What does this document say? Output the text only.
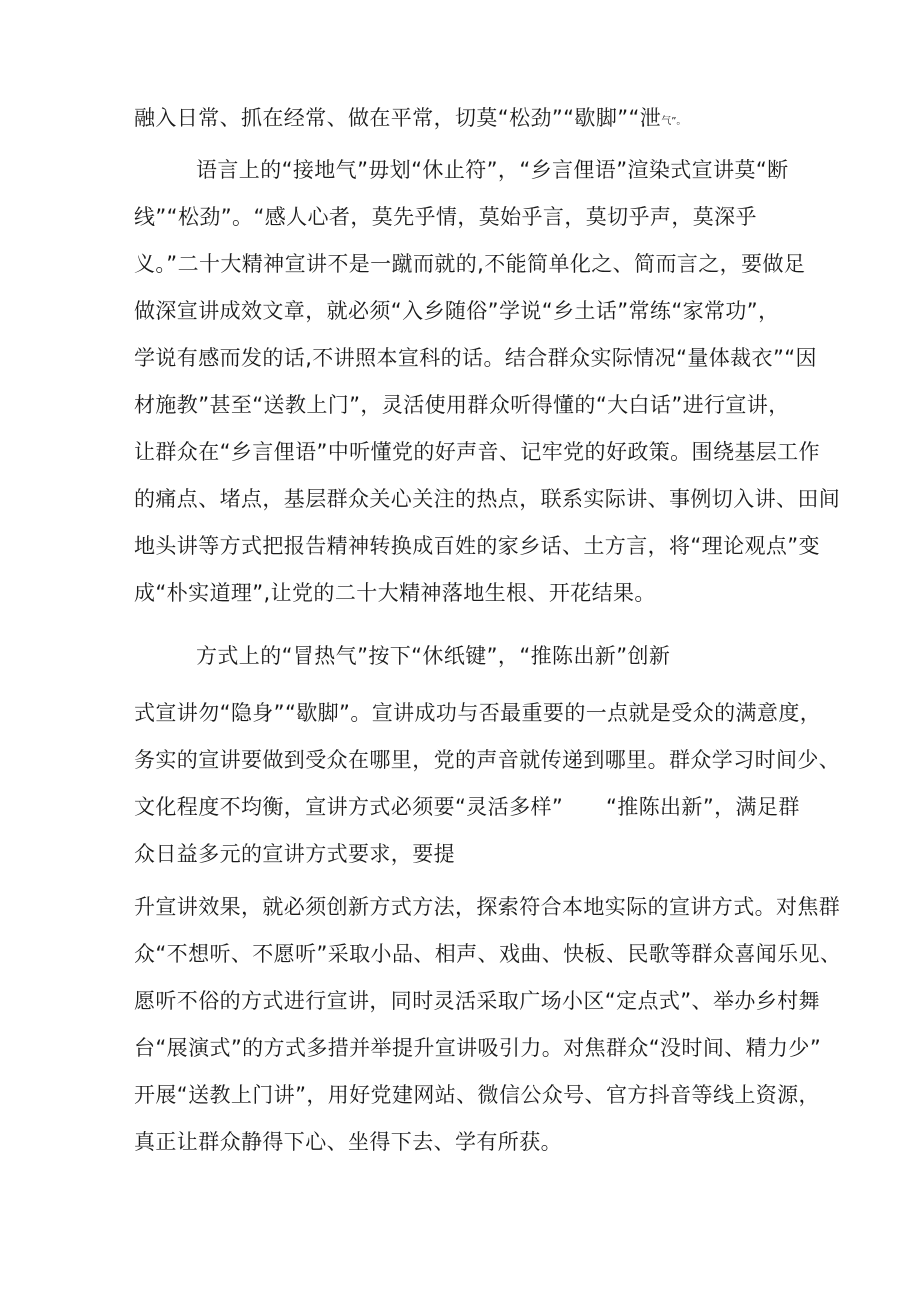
融入日常、抓在经常、做在平常，切莫“松劲”“歇脚”“泄气”。
语言上的“接地气”毋划“休止符”，“乡言俚语”渲染式宣讲莫“断
线”“松劲”。“感人心者，莫先乎情，莫始乎言，莫切乎声，莫深乎
义。”二十大精神宣讲不是一蹴而就的,不能简单化之、简而言之，要做足
做深宣讲成效文章，就必须“入乡随俗”学说“乡土话”常练“家常功”，
学说有感而发的话,不讲照本宣科的话。结合群众实际情况“量体裁衣”“因
材施教”甚至“送教上门”，灵活使用群众听得懂的“大白话”进行宣讲，
让群众在“乡言俚语”中听懂党的好声音、记牢党的好政策。围绕基层工作
的痛点、堵点，基层群众关心关注的热点，联系实际讲、事例切入讲、田间
地头讲等方式把报告精神转换成百姓的家乡话、土方言，将“理论观点”变
成“朴实道理”,让党的二十大精神落地生根、开花结果。
方式上的“冒热气”按下“休纸键”，“推陈出新”创新
式宣讲勿“隐身”“歇脚”。宣讲成功与否最重要的一点就是受众的满意度，
务实的宣讲要做到受众在哪里，党的声音就传递到哪里。群众学习时间少、
文化程度不均衡，宣讲方式必须要“灵活多样”　　“推陈出新”，满足群
众日益多元的宣讲方式要求，要提
升宣讲效果，就必须创新方式方法，探索符合本地实际的宣讲方式。对焦群
众“不想听、不愿听”采取小品、相声、戏曲、快板、民歌等群众喜闻乐见、
愿听不俗的方式进行宣讲，同时灵活采取广场小区“定点式”、举办乡村舞
台“展演式”的方式多措并举提升宣讲吸引力。对焦群众“没时间、精力少”
开展“送教上门讲”，用好党建网站、微信公众号、官方抖音等线上资源，
真正让群众静得下心、坐得下去、学有所获。
